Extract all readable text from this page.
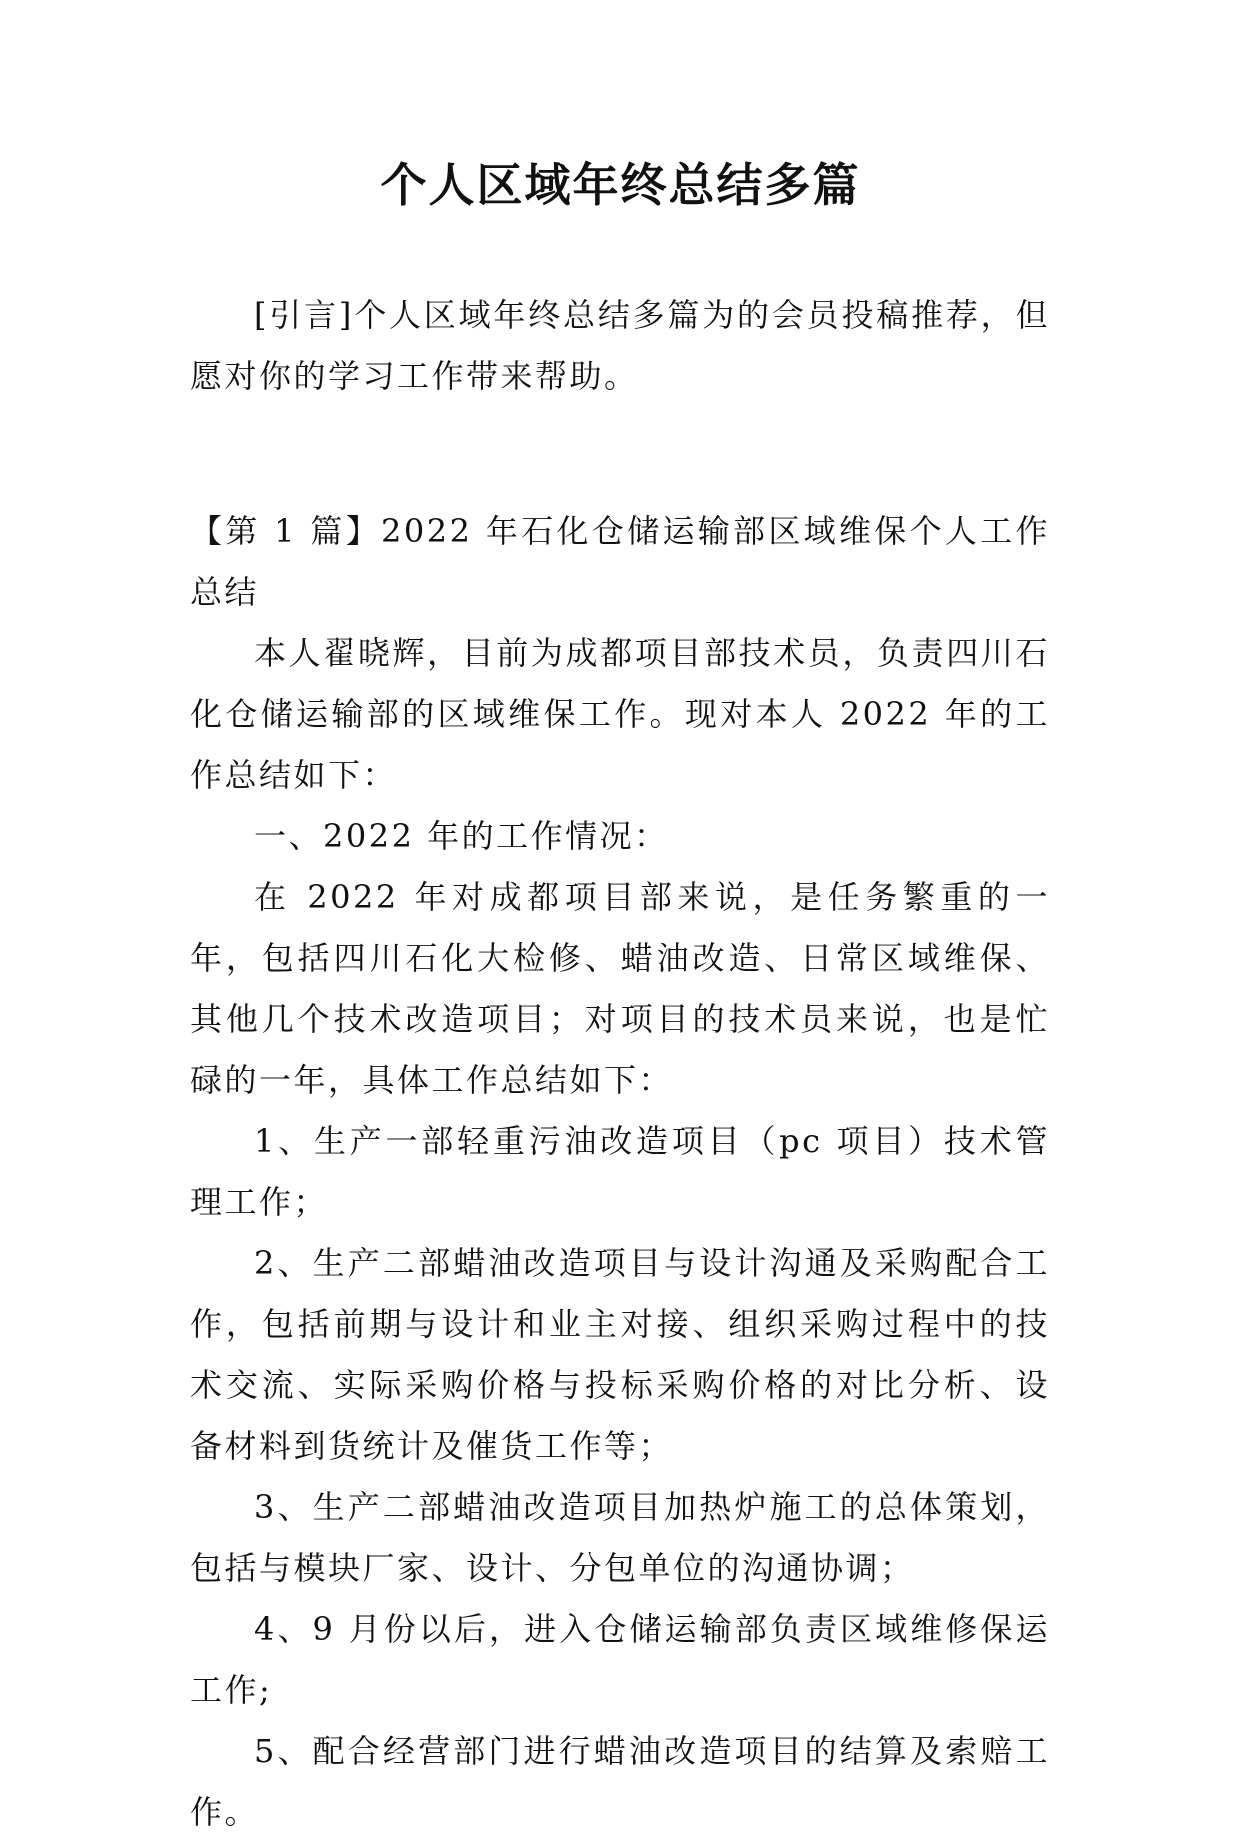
个人区域年终总结多篇

[引言]个人区域年终总结多篇为的会员投稿推荐，但愿对你的学习工作带来帮助。

【第 1 篇】2022 年石化仓储运输部区域维保个人工作总结

本人翟晓辉，目前为成都项目部技术员，负责四川石化仓储运输部的区域维保工作。现对本人 2022 年的工作总结如下：

一、2022 年的工作情况：

在 2022 年对成都项目部来说，是任务繁重的一年，包括四川石化大检修、蜡油改造、日常区域维保、其他几个技术改造项目；对项目的技术员来说，也是忙碌的一年，具体工作总结如下：

1、生产一部轻重污油改造项目（pc 项目）技术管理工作；

2、生产二部蜡油改造项目与设计沟通及采购配合工作，包括前期与设计和业主对接、组织采购过程中的技术交流、实际采购价格与投标采购价格的对比分析、设备材料到货统计及催货工作等；

3、生产二部蜡油改造项目加热炉施工的总体策划，包括与模块厂家、设计、分包单位的沟通协调；

4、9 月份以后，进入仓储运输部负责区域维修保运工作;

5、配合经营部门进行蜡油改造项目的结算及索赔工作。
